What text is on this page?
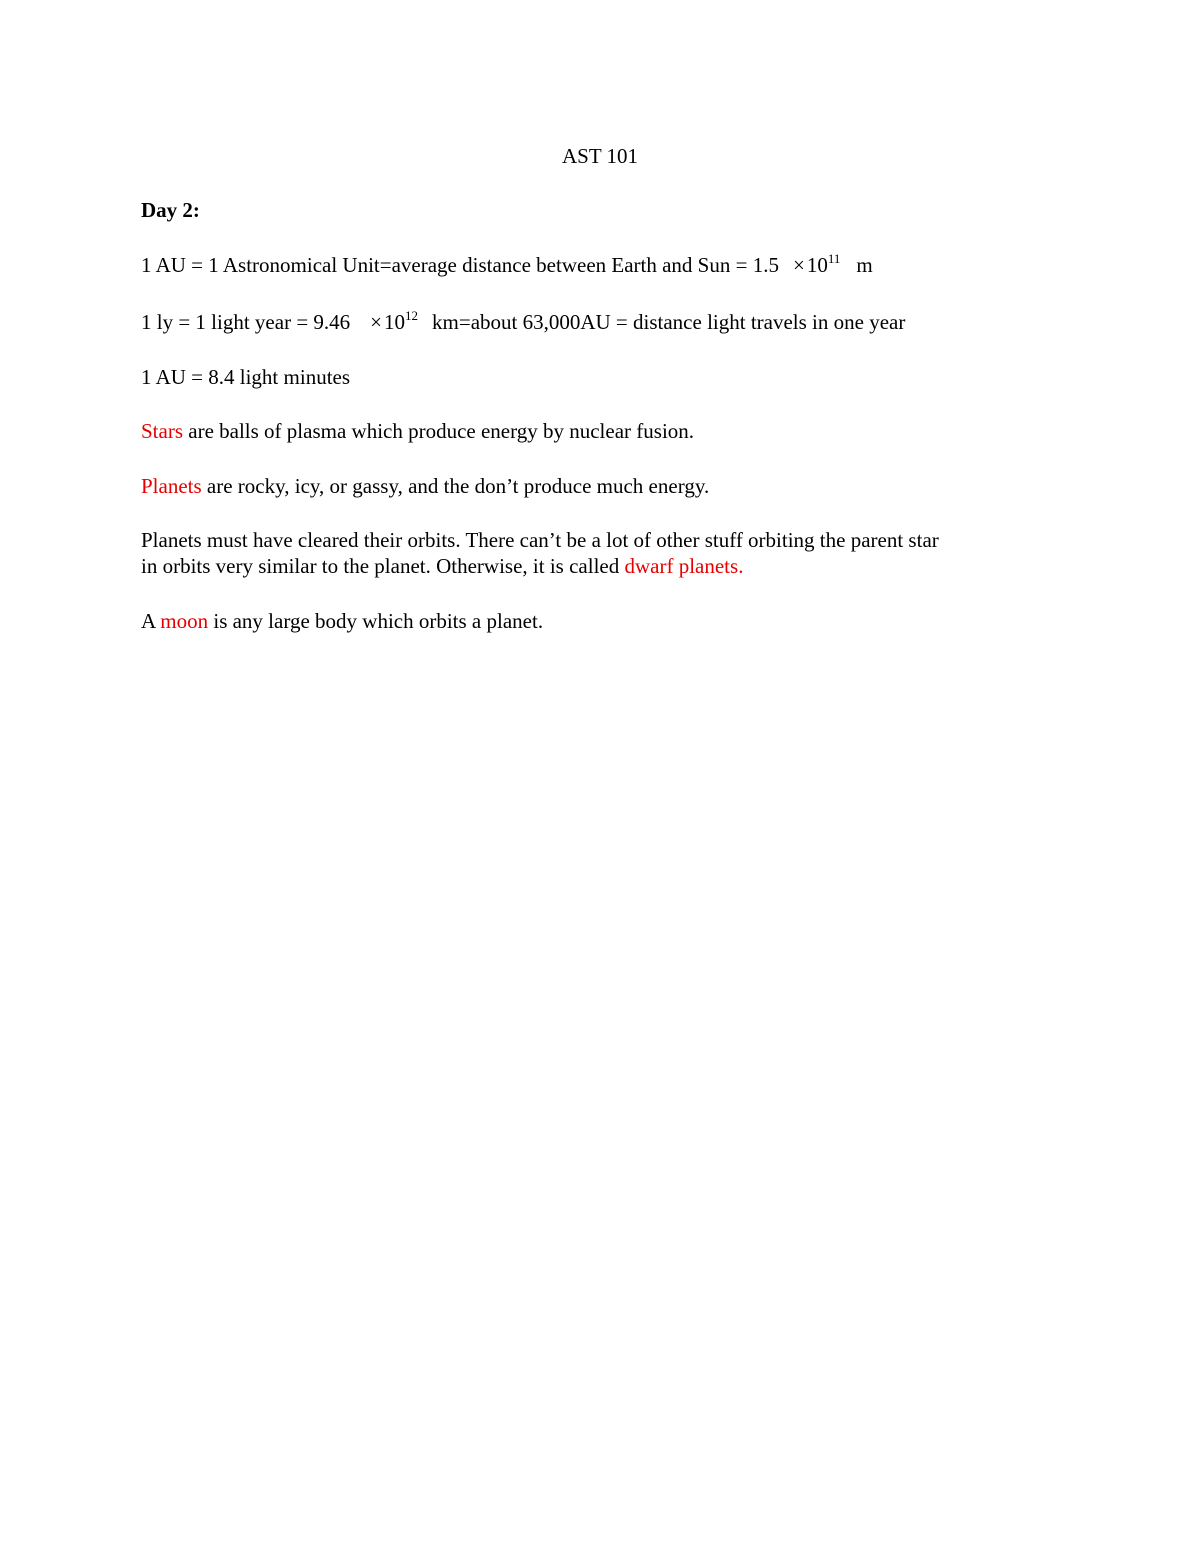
AST 101
Day 2:
1 AU = 1 Astronomical Unit=average distance between Earth and Sun = $1.5 \times 10^{11}$ m
1 ly = 1 light year = $9.46 \times 10^{12}$ km=about 63,000AU = distance light travels in one year
1 AU = 8.4 light minutes
Stars are balls of plasma which produce energy by nuclear fusion.
Planets are rocky, icy, or gassy, and the don’t produce much energy.
Planets must have cleared their orbits. There can’t be a lot of other stuff orbiting the parent star
in orbits very similar to the planet. Otherwise, it is called dwarf planets.
A moon is any large body which orbits a planet.
